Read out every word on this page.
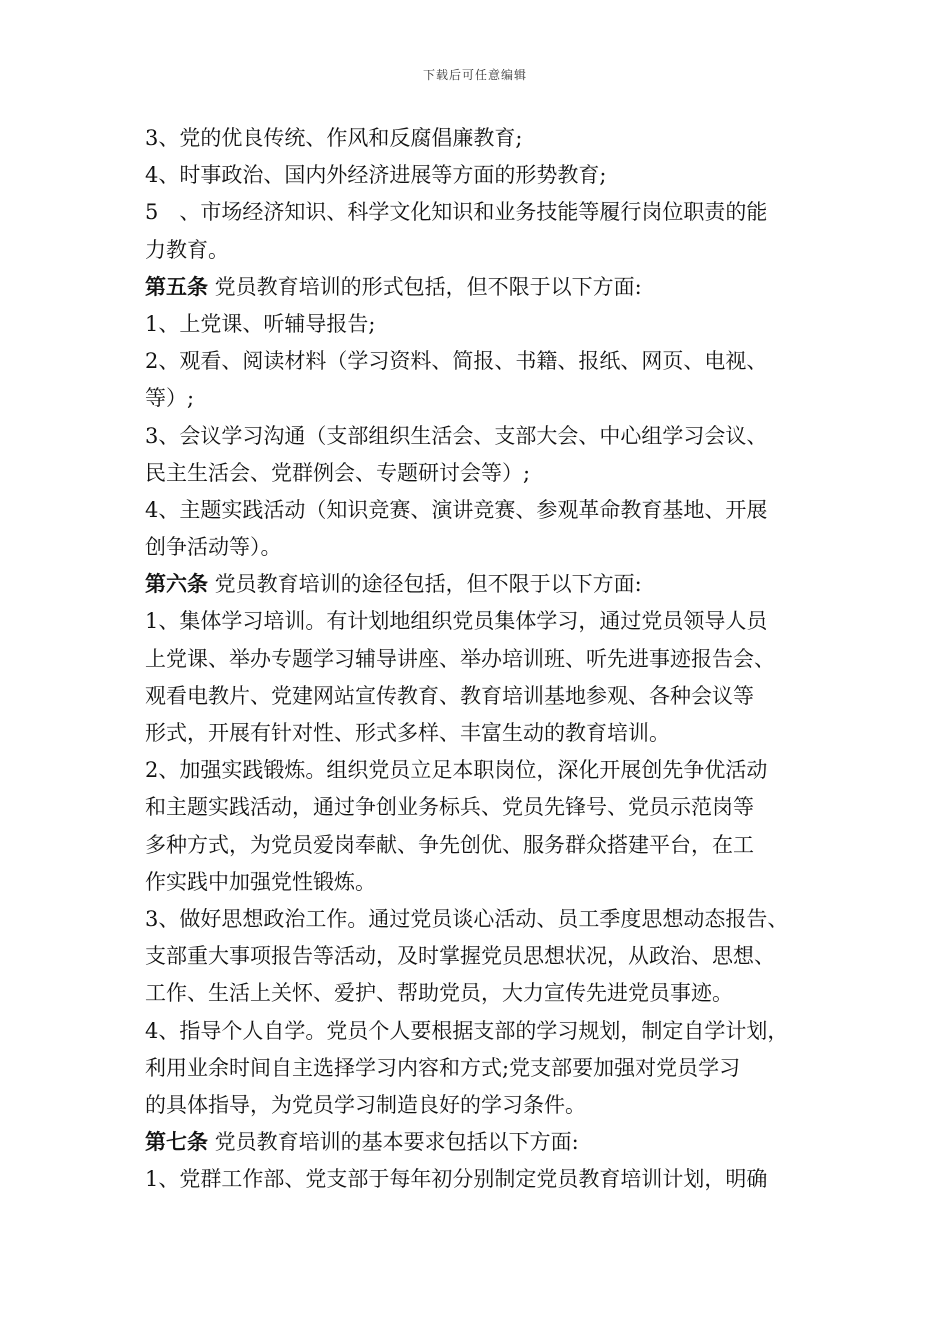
下载后可任意编辑
3、党的优良传统、作风和反腐倡廉教育;
4、时事政治、国内外经济进展等方面的形势教育;
5　、市场经济知识、科学文化知识和业务技能等履行岗位职责的能
力教育。
第五条 党员教育培训的形式包括，但不限于以下方面:
1、上党课、听辅导报告;
2、观看、阅读材料（学习资料、简报、书籍、报纸、网页、电视、
等）;
3、会议学习沟通（支部组织生活会、支部大会、中心组学习会议、
民主生活会、党群例会、专题研讨会等）;
4、主题实践活动（知识竞赛、演讲竞赛、参观革命教育基地、开展
创争活动等）。
第六条 党员教育培训的途径包括，但不限于以下方面:
1、集体学习培训。有计划地组织党员集体学习，通过党员领导人员
上党课、举办专题学习辅导讲座、举办培训班、听先进事迹报告会、
观看电教片、党建网站宣传教育、教育培训基地参观、各种会议等
形式，开展有针对性、形式多样、丰富生动的教育培训。
2、加强实践锻炼。组织党员立足本职岗位，深化开展创先争优活动
和主题实践活动，通过争创业务标兵、党员先锋号、党员示范岗等
多种方式，为党员爱岗奉献、争先创优、服务群众搭建平台，在工
作实践中加强党性锻炼。
3、做好思想政治工作。通过党员谈心活动、员工季度思想动态报告、
支部重大事项报告等活动，及时掌握党员思想状况，从政治、思想、
工作、生活上关怀、爱护、帮助党员，大力宣传先进党员事迹。
4、指导个人自学。党员个人要根据支部的学习规划，制定自学计划，
利用业余时间自主选择学习内容和方式;党支部要加强对党员学习
的具体指导，为党员学习制造良好的学习条件。
第七条 党员教育培训的基本要求包括以下方面:
1、党群工作部、党支部于每年初分别制定党员教育培训计划，明确
